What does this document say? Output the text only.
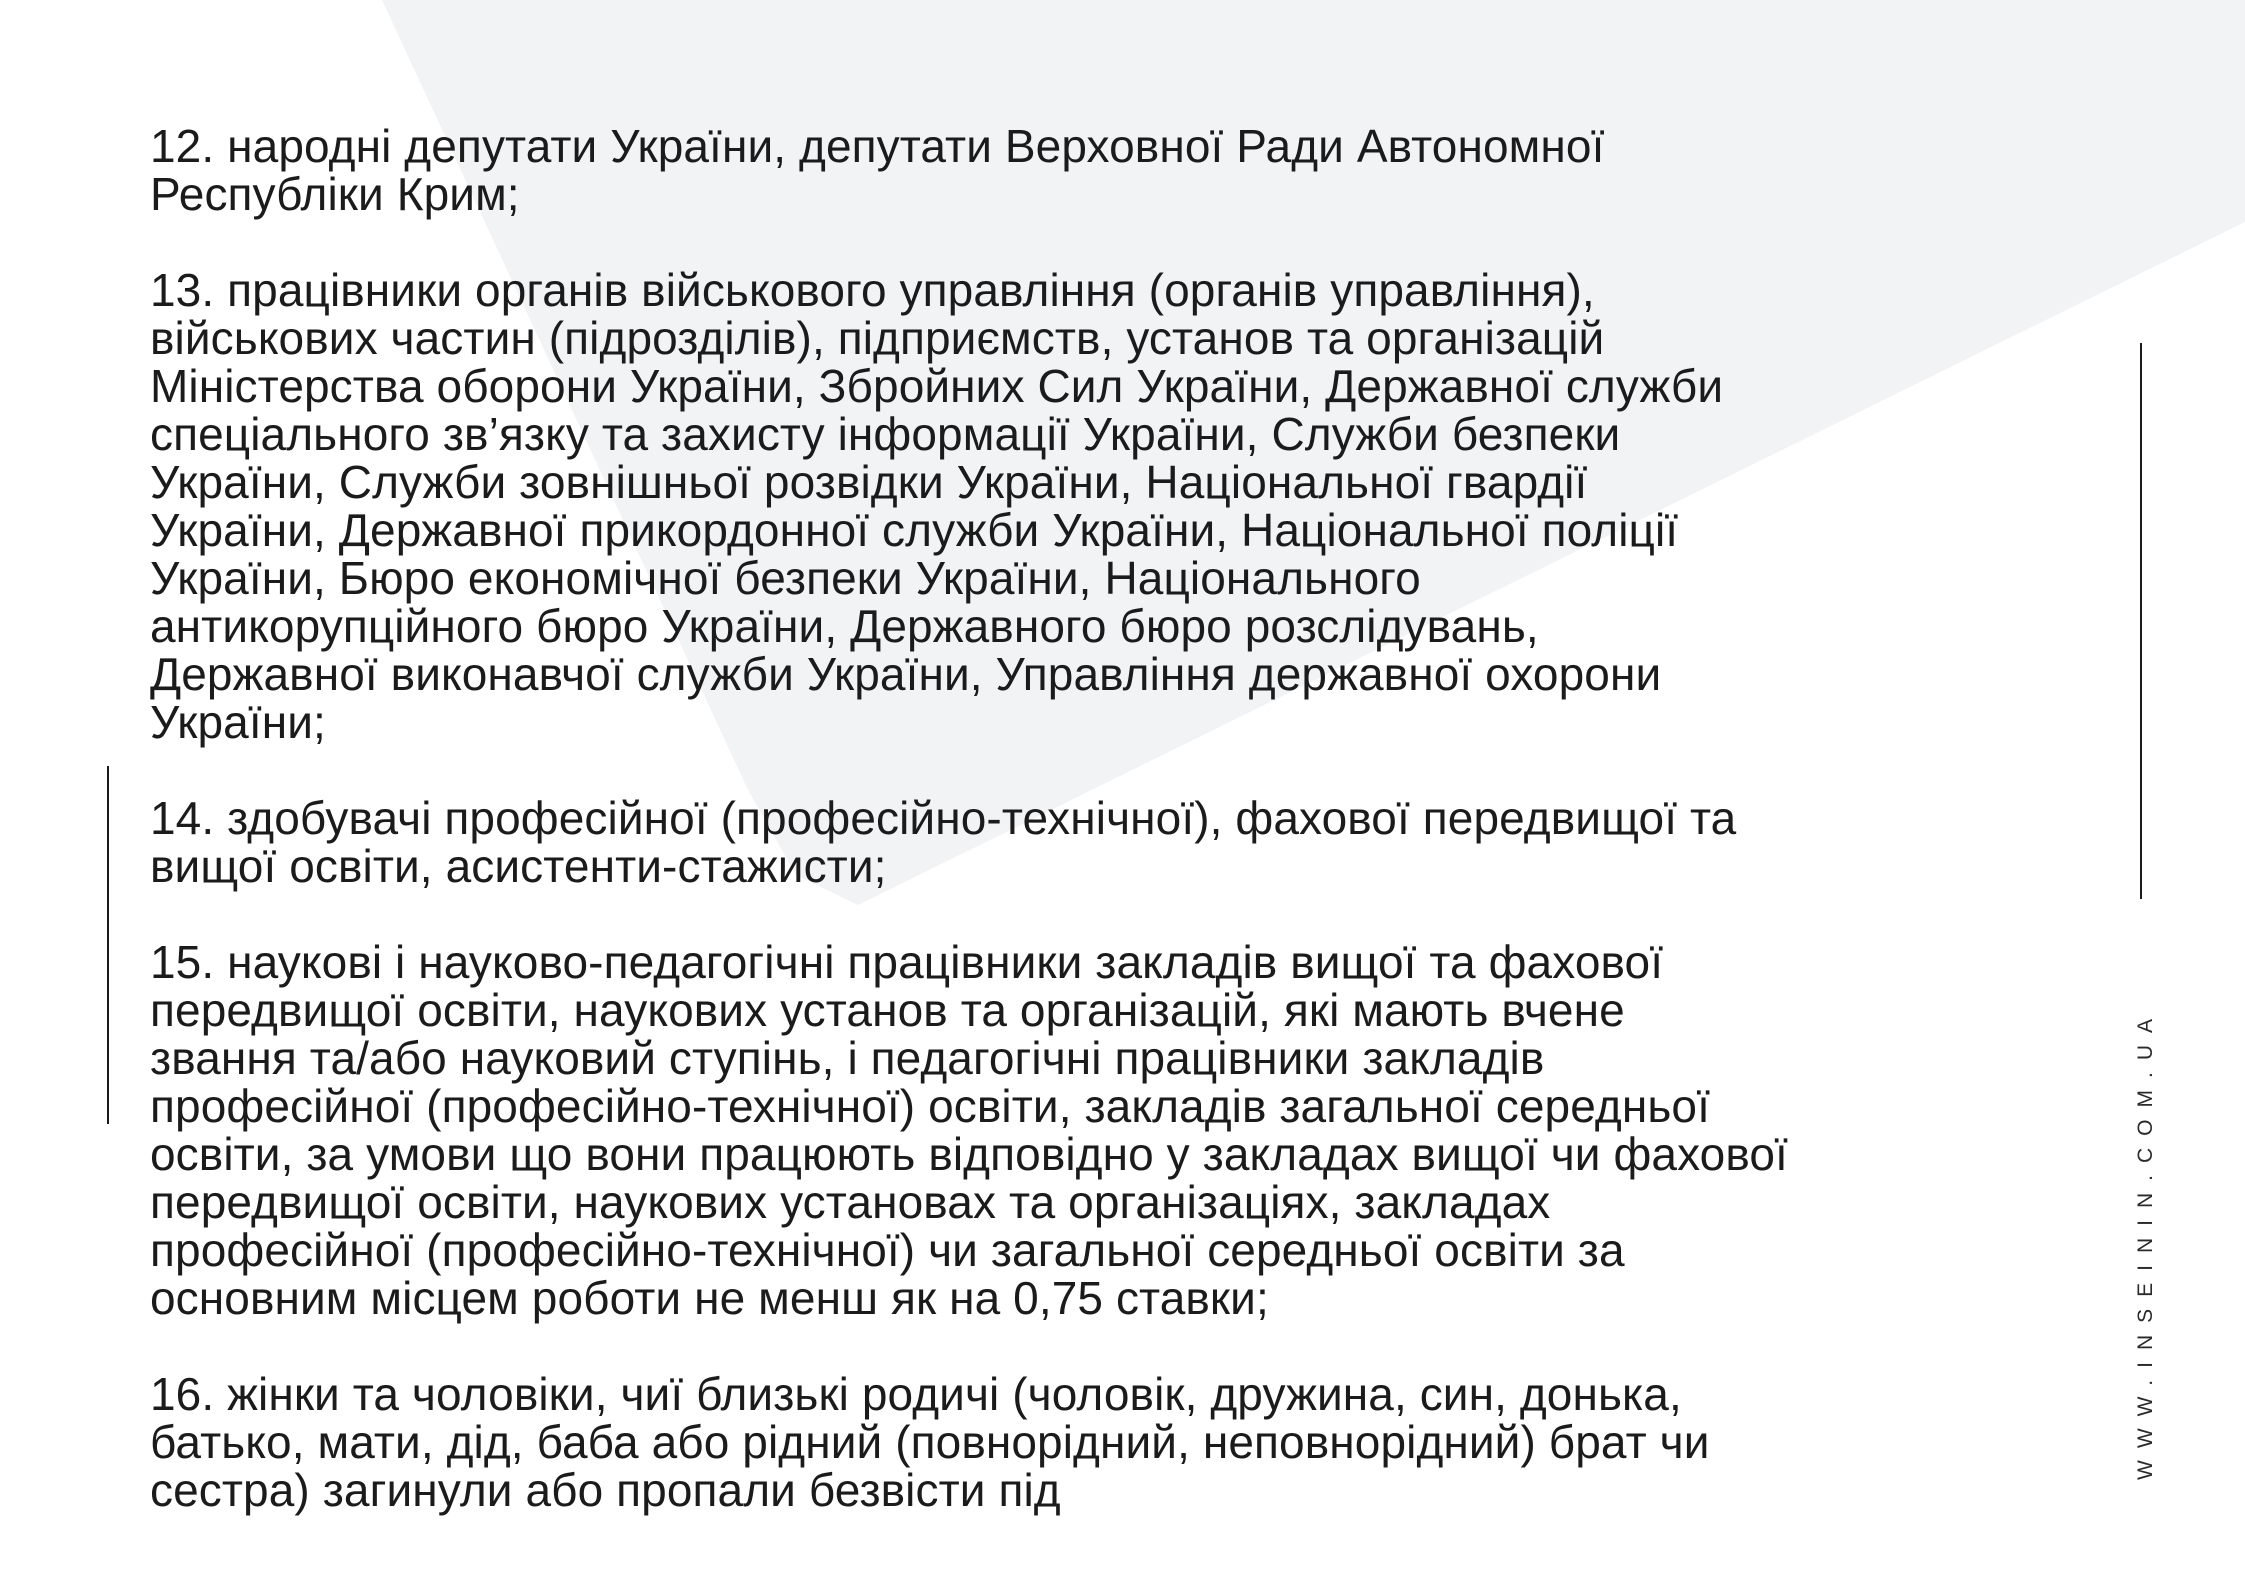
12. народні депутати України, депутати Верховної Ради Автономної
Республіки Крим;

13. працівники органів військового управління (органів управління),
військових частин (підрозділів), підприємств, установ та організацій
Міністерства оборони України, Збройних Сил України, Державної служби
спеціального зв’язку та захисту інформації України, Служби безпеки
України, Служби зовнішньої розвідки України, Національної гвардії
України, Державної прикордонної служби України, Національної поліції
України, Бюро економічної безпеки України, Національного
антикорупційного бюро України, Державного бюро розслідувань,
Державної виконавчої служби України, Управління державної охорони
України;

14. здобувачі професійної (професійно-технічної), фахової передвищої та
вищої освіти, асистенти-стажисти;

15. наукові і науково-педагогічні працівники закладів вищої та фахової
передвищої освіти, наукових установ та організацій, які мають вчене
звання та/або науковий ступінь, і педагогічні працівники закладів
професійної (професійно-технічної) освіти, закладів загальної середньої
освіти, за умови що вони працюють відповідно у закладах вищої чи фахової
передвищої освіти, наукових установах та організаціях, закладах
професійної (професійно-технічної) чи загальної середньої освіти за
основним місцем роботи не менш як на 0,75 ставки;

16. жінки та чоловіки, чиї близькі родичі (чоловік, дружина, син, донька,
батько, мати, дід, баба або рідний (повнорідний, неповнорідний) брат чи
сестра) загинули або пропали безвісти під

WWW.INSEININ.COM.UA
